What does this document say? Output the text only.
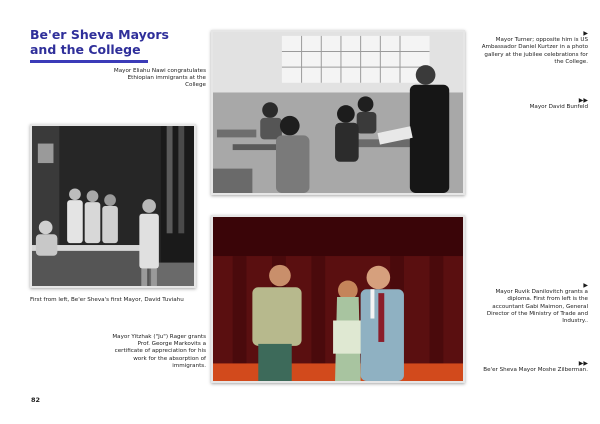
Be'er Sheva Mayors and the College
Mayor Eliahu Nawi congratulates Ethiopian immigrants at the College
▶
Mayor Turner; opposite him is US Ambassador Daniel Kurtzer in a photo gallery at the jubilee celebrations for the College.
▶▶
Mayor David Bunfeld
First from left, Be'er Sheva's first Mayor, David Tuviahu
Mayor Yitzhak ("Ju") Rager grants Prof. George Markovits a certificate of appreciation for his work for the absorption of immigrants.
▶
Mayor Ruvik Danilovitch grants a diploma. First from left is the accountant Gabi Maimon, General Director of the Ministry of Trade and Industry..
▶▶
Be'er Sheva Mayor Moshe Zilberman.
82
